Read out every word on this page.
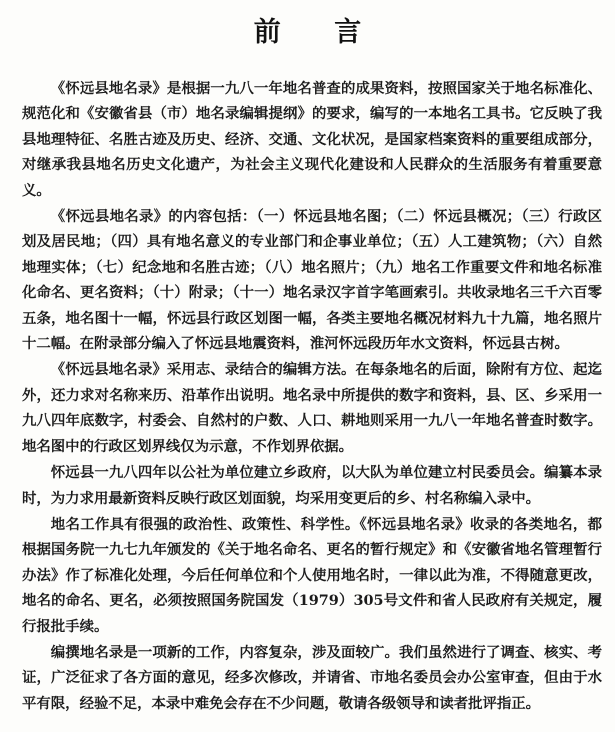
前 言

《怀远县地名录》是根据一九八一年地名普查的成果资料，按照国家关于地名标准化、规范化和《安徽省县（市）地名录编辑提纲》的要求，编写的一本地名工具书。它反映了我县地理特征、名胜古迹及历史、经济、交通、文化状况，是国家档案资料的重要组成部分，对继承我县地名历史文化遗产，为社会主义现代化建设和人民群众的生活服务有着重要意义。

《怀远县地名录》的内容包括：（一）怀远县地名图；（二）怀远县概况；（三）行政区划及居民地；（四）具有地名意义的专业部门和企事业单位；（五）人工建筑物；（六）自然地理实体；（七）纪念地和名胜古迹；（八）地名照片；（九）地名工作重要文件和地名标准化命名、更名资料；（十）附录；（十一）地名录汉字首字笔画索引。共收录地名三千六百零五条，地名图十一幅，怀远县行政区划图一幅，各类主要地名概况材料九十九篇，地名照片十二幅。在附录部分编入了怀远县地震资料，淮河怀远段历年水文资料，怀远县古树。

《怀远县地名录》采用志、录结合的编辑方法。在每条地名的后面，除附有方位、起迄外，还力求对名称来历、沿革作出说明。地名录中所提供的数字和资料，县、区、乡采用一九八四年底数字，村委会、自然村的户数、人口、耕地则采用一九八一年地名普查时数字。地名图中的行政区划界线仅为示意，不作划界依据。

怀远县一九八四年以公社为单位建立乡政府，以大队为单位建立村民委员会。编纂本录时，为力求用最新资料反映行政区划面貌，均采用变更后的乡、村名称编入录中。

地名工作具有很强的政治性、政策性、科学性。《怀远县地名录》收录的各类地名，都根据国务院一九七九年颁发的《关于地名命名、更名的暂行规定》和《安徽省地名管理暂行办法》作了标准化处理，今后任何单位和个人使用地名时，一律以此为准，不得随意更改，地名的命名、更名，必须按照国务院国发（1979）305号文件和省人民政府有关规定，履行报批手续。

编撰地名录是一项新的工作，内容复杂，涉及面较广。我们虽然进行了调查、核实、考证，广泛征求了各方面的意见，经多次修改，并请省、市地名委员会办公室审查，但由于水平有限，经验不足，本录中难免会存在不少问题，敬请各级领导和读者批评指正。
